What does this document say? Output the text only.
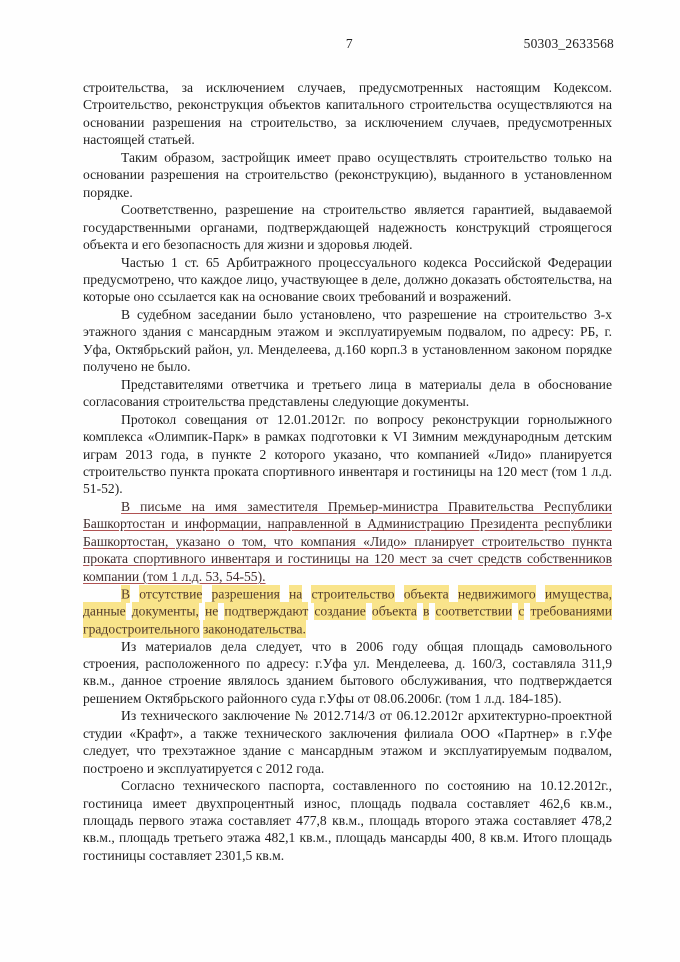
7	50303_2633568

строительства, за исключением случаев, предусмотренных настоящим Кодексом. Строительство, реконструкция объектов капитального строительства осуществляются на основании разрешения на строительство, за исключением случаев, предусмотренных настоящей статьей.

Таким образом, застройщик имеет право осуществлять строительство только на основании разрешения на строительство (реконструкцию), выданного в установленном порядке.

Соответственно, разрешение на строительство является гарантией, выдаваемой государственными органами, подтверждающей надежность конструкций строящегося объекта и его безопасность для жизни и здоровья людей.

Частью 1 ст. 65 Арбитражного процессуального кодекса Российской Федерации предусмотрено, что каждое лицо, участвующее в деле, должно доказать обстоятельства, на которые оно ссылается как на основание своих требований и возражений.

В судебном заседании было установлено, что разрешение на строительство 3-х этажного здания с мансардным этажом и эксплуатируемым подвалом, по адресу: РБ, г. Уфа, Октябрьский район, ул. Менделеева, д.160 корп.3 в установленном законом порядке получено не было.

Представителями ответчика и третьего лица в материалы дела в обоснование согласования строительства представлены следующие документы.

Протокол совещания от 12.01.2012г. по вопросу реконструкции горнолыжного комплекса «Олимпик-Парк» в рамках подготовки к VI Зимним международным детским играм 2013 года, в пункте 2 которого указано, что компанией «Лидо» планируется строительство пункта проката спортивного инвентаря и гостиницы на 120 мест (том 1 л.д. 51-52).

В письме на имя заместителя Премьер-министра Правительства Республики Башкортостан и информации, направленной в Администрацию Президента республики Башкортостан, указано о том, что компания «Лидо» планирует строительство пункта проката спортивного инвентаря и гостиницы на 120 мест за счет средств собственников компании (том 1 л.д. 53, 54-55).

В отсутствие разрешения на строительство объекта недвижимого имущества, данные документы, не подтверждают создание объекта в соответствии с требованиями градостроительного законодательства.

Из материалов дела следует, что в 2006 году общая площадь самовольного строения, расположенного по адресу: г.Уфа ул. Менделеева, д. 160/3, составляла 311,9 кв.м., данное строение являлось зданием бытового обслуживания, что подтверждается решением Октябрьского районного суда г.Уфы от 08.06.2006г. (том 1 л.д. 184-185).

Из технического заключение № 2012.714/3 от 06.12.2012г архитектурно-проектной студии «Крафт», а также технического заключения филиала ООО «Партнер» в г.Уфе следует, что трехэтажное здание с мансардным этажом и эксплуатируемым подвалом, построено и эксплуатируется с 2012 года.

Согласно технического паспорта, составленного по состоянию на 10.12.2012г., гостиница имеет двухпроцентный износ, площадь подвала составляет 462,6 кв.м., площадь первого этажа составляет 477,8 кв.м., площадь второго этажа составляет 478,2 кв.м., площадь третьего этажа 482,1 кв.м., площадь мансарды 400, 8 кв.м. Итого площадь гостиницы составляет 2301,5 кв.м.
